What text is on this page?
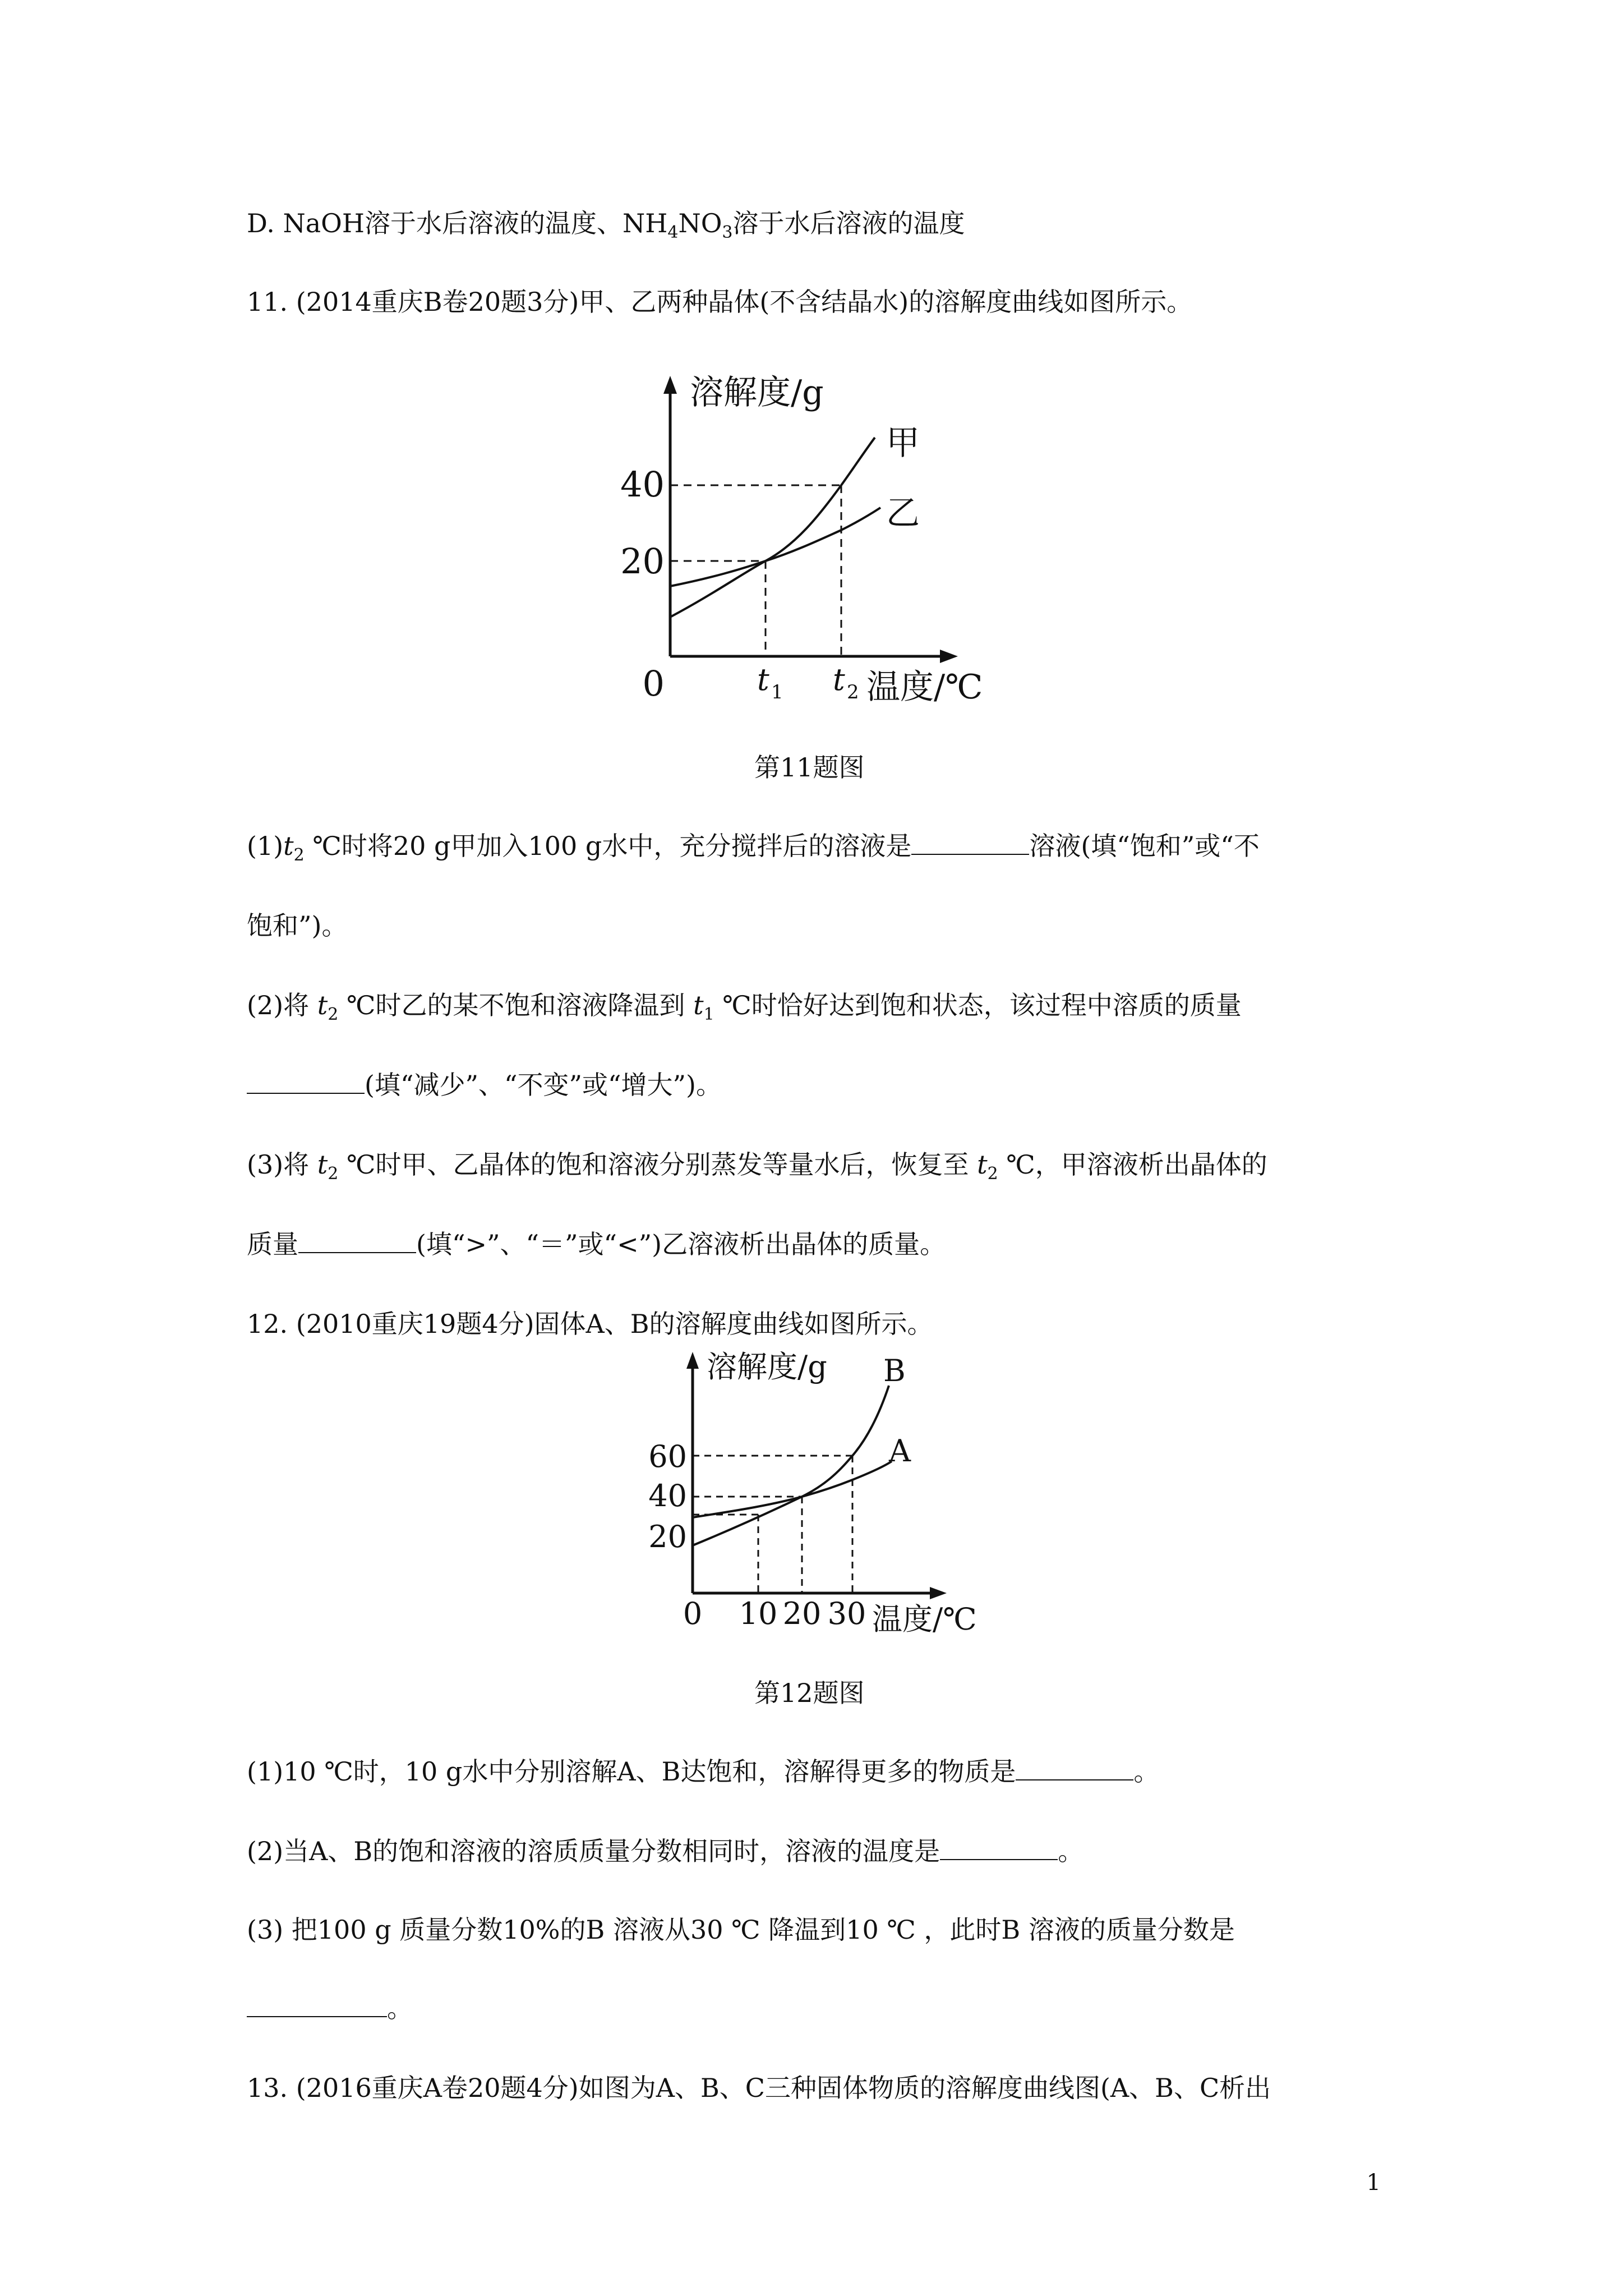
D. NaOH溶于水后溶液的温度、$NH_4NO_3$溶于水后溶液的温度
11. (2014重庆B卷20题3分)甲、乙两种晶体(不含结晶水)的溶解度曲线如图所示。
溶解度/g
40
20
0	t 1 t 2 温度/℃
甲
乙
第11题图
$(1)t_2$ ℃时将20 g甲加入100 g水中，充分搅拌后的溶液是	溶液(填“饱和”或“不
饱和”)。
(2)将 $t_2$ ℃时乙的某不饱和溶液降温到 $t_1$ ℃时恰好达到饱和状态，该过程中溶质的质量
(填“减少”、“不变”或“增大”)。
(3)将 $t_2$ ℃时甲、乙晶体的饱和溶液分别蒸发等量水后，恢复至 $t_2$ ℃，甲溶液析出晶体的
质量	(填“>”、“＝”或“<”)乙溶液析出晶体的质量。
12. (2010重庆19题4分)固体A、B的溶解度曲线如图所示。
溶解度/g
60
40
20
0 10 20 30 温度/℃
B
A
第12题图
(1)10 ℃时，10 g水中分别溶解A、B达饱和，溶解得更多的物质是	。
(2)当A、B的饱和溶液的溶质质量分数相同时，溶液的温度是	。
(3) 把100 g 质量分数10%的B 溶液从30 ℃ 降温到10 ℃ ，此时B 溶液的质量分数是
。
13. (2016重庆A卷20题4分)如图为A、B、C三种固体物质的溶解度曲线图(A、B、C析出
1
